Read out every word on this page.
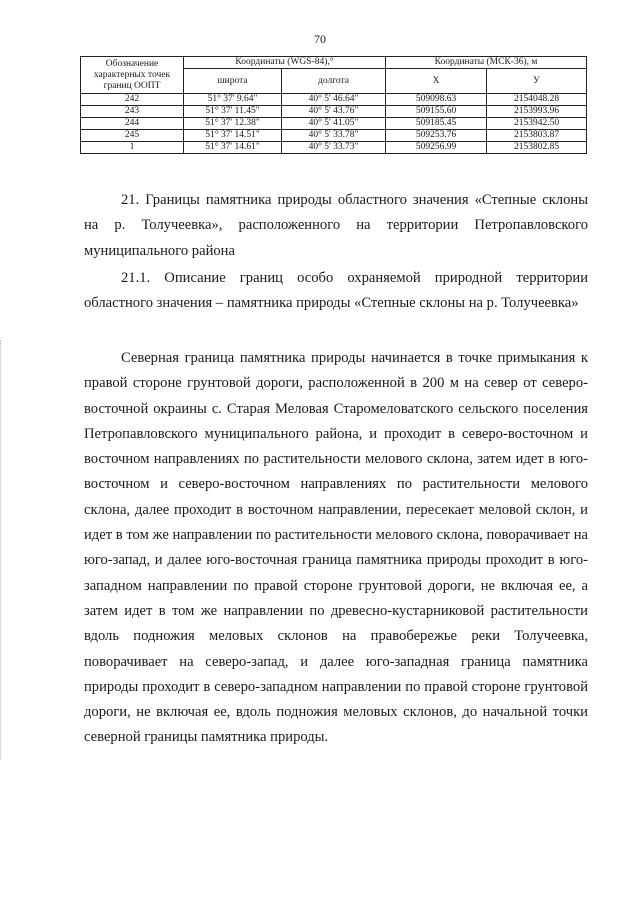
70
Обозначение характерных точек границ ООПТ	Координаты (WGS-84),°		Координаты (МСК-36), м	
	широта	долгота	X	У
242	51° 37' 9.64"	40° 5' 46.64"	509098.63	2154048.28
243	51° 37' 11.45"	40° 5' 43.76"	509155.60	2153993.96
244	51° 37' 12.38"	40° 5' 41.05"	509185.45	2153942.50
245	51° 37' 14.51"	40° 5' 33.78"	509253.76	2153803.87
1	51° 37' 14.61"	40° 5' 33.73"	509256.99	2153802.85

21. Границы памятника природы областного значения «Степные склоны на р. Толучеевка», расположенного на территории Петропавловского муниципального района

21.1. Описание границ особо охраняемой природной территории областного значения – памятника природы «Степные склоны на р. Толучеевка»

Северная граница памятника природы начинается в точке примыкания к правой стороне грунтовой дороги, расположенной в 200 м на север от северо-восточной окраины с. Старая Меловая Старомеловатского сельского поселения Петропавловского муниципального района, и проходит в северо-восточном и восточном направлениях по растительности мелового склона, затем идет в юго-восточном и северо-восточном направлениях по растительности мелового склона, далее проходит в восточном направлении, пересекает меловой склон, и идет в том же направлении по растительности мелового склона, поворачивает на юго-запад, и далее юго-восточная граница памятника природы проходит в юго-западном направлении по правой стороне грунтовой дороги, не включая ее, а затем идет в том же направлении по древесно-кустарниковой растительности вдоль подножия меловых склонов на правобережье реки Толучеевка, поворачивает на северо-запад, и далее юго-западная граница памятника природы проходит в северо-западном направлении по правой стороне грунтовой дороги, не включая ее, вдоль подножия меловых склонов, до начальной точки северной границы памятника природы.
